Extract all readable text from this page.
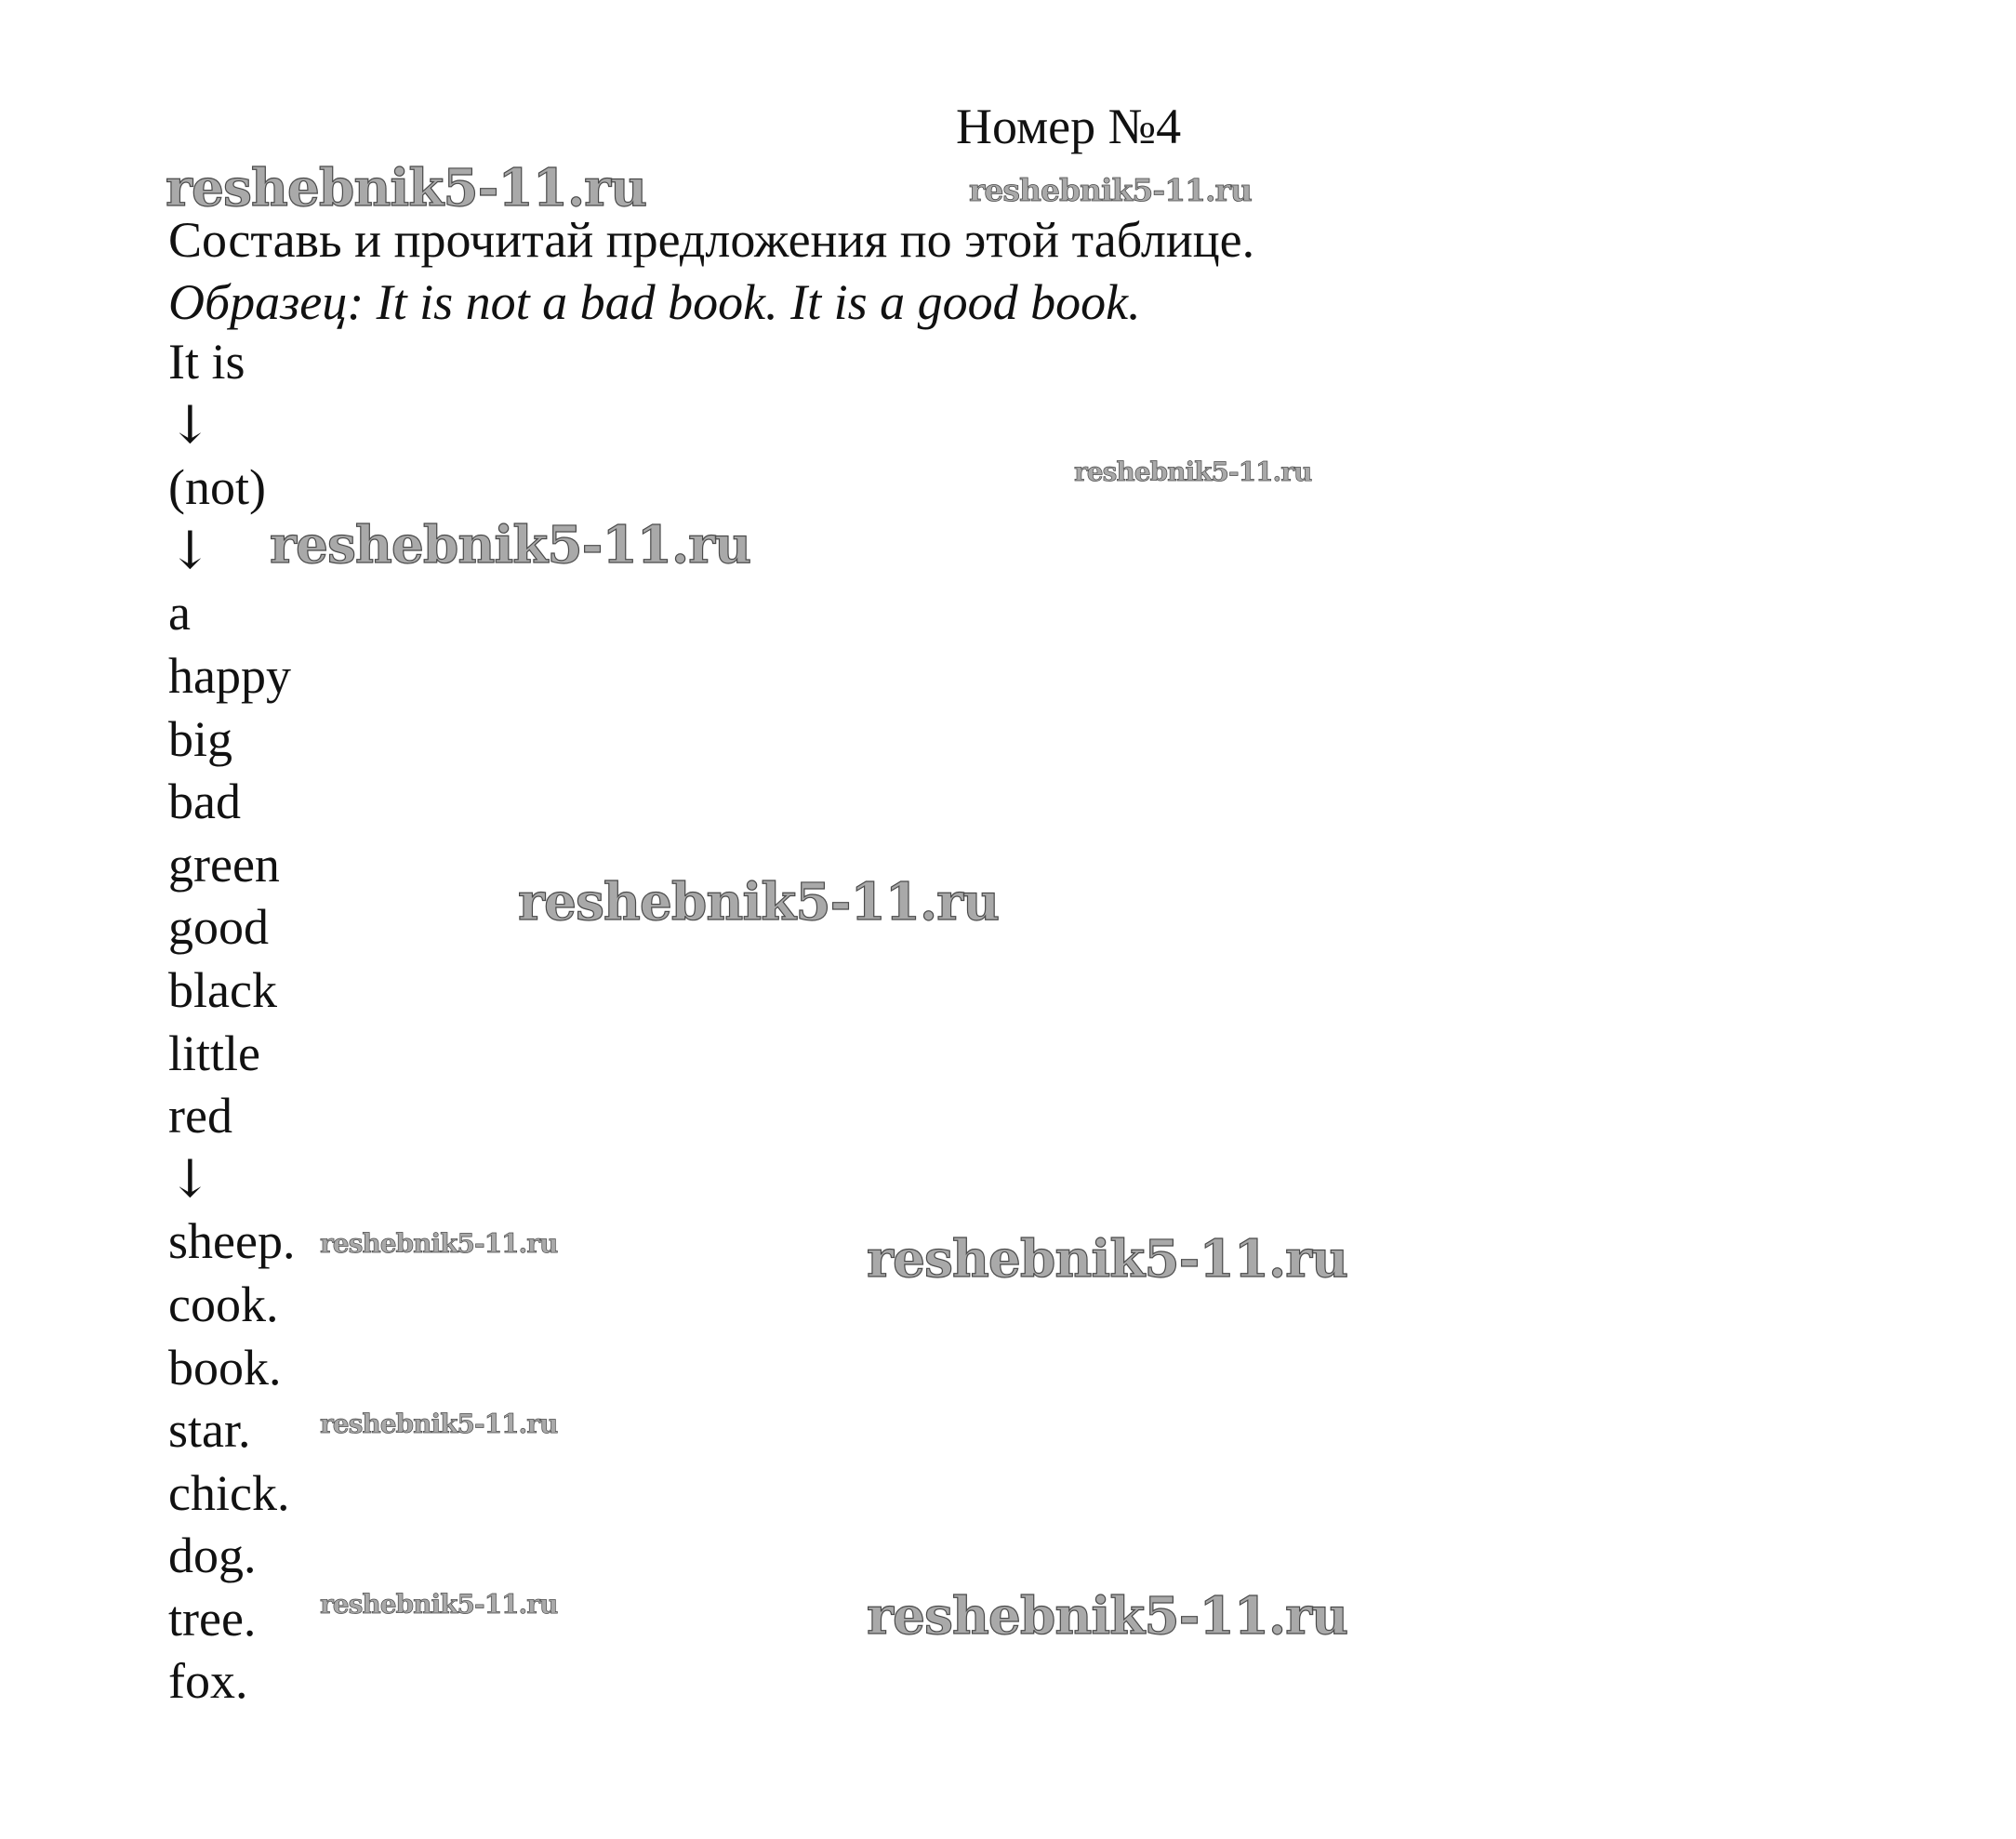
Номер №4
Составь и прочитай предложения по этой таблице.
Образец: It is not a bad book. It is a good book.
It is
↓
(not)
↓
a
happy
big
bad
green
good
black
little
red
↓
sheep.
cook.
book.
star.
chick.
dog.
tree.
fox.
reshebnik5-11.ru	reshebnik5-11.ru
reshebnik5-11.ru
reshebnik5-11.ru
reshebnik5-11.ru
reshebnik5-11.ru	reshebnik5-11.ru
reshebnik5-11.ru
reshebnik5-11.ru	reshebnik5-11.ru
